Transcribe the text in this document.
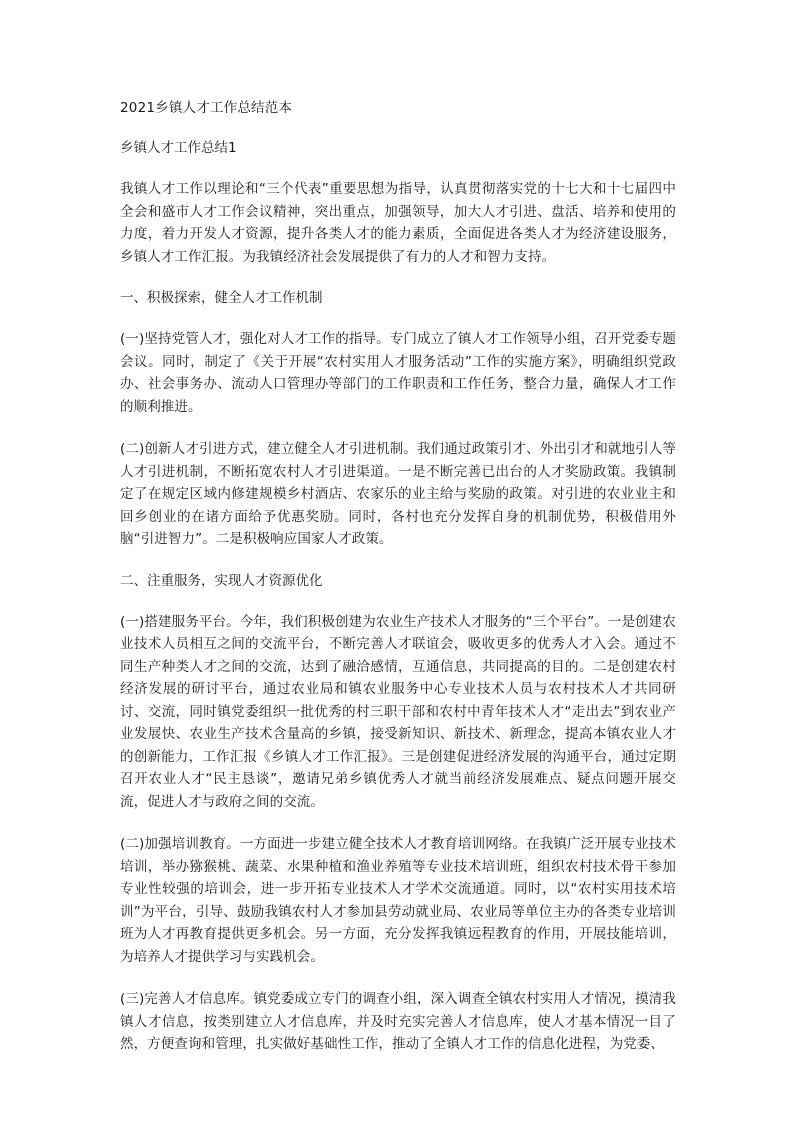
2021乡镇人才工作总结范本

乡镇人才工作总结1

我镇人才工作以理论和“三个代表”重要思想为指导，认真贯彻落实党的十七大和十七届四中全会和盛市人才工作会议精神，突出重点，加强领导，加大人才引进、盘活、培养和使用的力度，着力开发人才资源，提升各类人才的能力素质，全面促进各类人才为经济建设服务，乡镇人才工作汇报。为我镇经济社会发展提供了有力的人才和智力支持。

一、积极探索，健全人才工作机制

(一)坚持党管人才，强化对人才工作的指导。专门成立了镇人才工作领导小组，召开党委专题会议。同时，制定了《关于开展“农村实用人才服务活动”工作的实施方案》，明确组织党政办、社会事务办、流动人口管理办等部门的工作职责和工作任务，整合力量，确保人才工作的顺利推进。

(二)创新人才引进方式，建立健全人才引进机制。我们通过政策引才、外出引才和就地引人等人才引进机制，不断拓宽农村人才引进渠道。一是不断完善已出台的人才奖励政策。我镇制定了在规定区域内修建规模乡村酒店、农家乐的业主给与奖励的政策。对引进的农业业主和回乡创业的在诸方面给予优惠奖励。同时，各村也充分发挥自身的机制优势，积极借用外脑“引进智力”。二是积极响应国家人才政策。

二、注重服务，实现人才资源优化

(一)搭建服务平台。今年，我们积极创建为农业生产技术人才服务的“三个平台”。一是创建农业技术人员相互之间的交流平台，不断完善人才联谊会，吸收更多的优秀人才入会。通过不同生产种类人才之间的交流，达到了融洽感情，互通信息，共同提高的目的。二是创建农村经济发展的研讨平台，通过农业局和镇农业服务中心专业技术人员与农村技术人才共同研讨、交流，同时镇党委组织一批优秀的村三职干部和农村中青年技术人才“走出去”到农业产业发展快、农业生产技术含量高的乡镇，接受新知识、新技术、新理念，提高本镇农业人才的创新能力，工作汇报《乡镇人才工作汇报》。三是创建促进经济发展的沟通平台，通过定期召开农业人才“民主恳谈”，邀请兄弟乡镇优秀人才就当前经济发展难点、疑点问题开展交流，促进人才与政府之间的交流。

(二)加强培训教育。一方面进一步建立健全技术人才教育培训网络。在我镇广泛开展专业技术培训，举办猕猴桃、蔬菜、水果种植和渔业养殖等专业技术培训班，组织农村技术骨干参加专业性较强的培训会，进一步开拓专业技术人才学术交流通道。同时，以“农村实用技术培训”为平台，引导、鼓励我镇农村人才参加县劳动就业局、农业局等单位主办的各类专业培训班为人才再教育提供更多机会。另一方面，充分发挥我镇远程教育的作用，开展技能培训，为培养人才提供学习与实践机会。

(三)完善人才信息库。镇党委成立专门的调查小组，深入调查全镇农村实用人才情况，摸清我镇人才信息，按类别建立人才信息库，并及时充实完善人才信息库，使人才基本情况一目了然，方便查询和管理，扎实做好基础性工作，推动了全镇人才工作的信息化进程，为党委、
